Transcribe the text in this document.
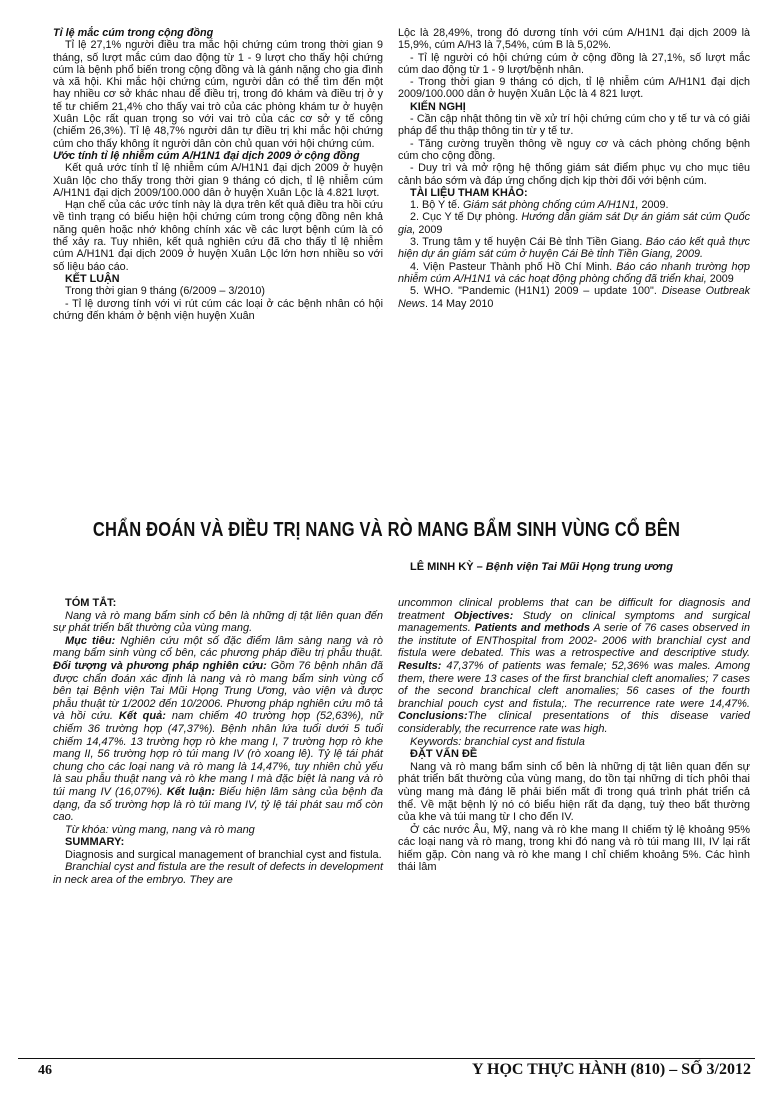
Tỉ lệ mắc cúm trong cộng đồng

Tỉ lệ 27,1% người điều tra mắc hội chứng cúm trong thời gian 9 tháng, số lượt mắc cúm dao động từ 1 - 9 lượt cho thấy hội chứng cúm là bệnh phổ biến trong cộng đồng và là gánh nặng cho gia đình và xã hội. Khi mắc hội chứng cúm, người dân có thể tìm đến một hay nhiều cơ sở khác nhau để điều trị, trong đó khám và điều trị ở y tế tư chiếm 21,4% cho thấy vai trò của các phòng khám tư ở huyện Xuân Lộc rất quan trọng so với vai trò của các cơ sở y tế công (chiếm 26,3%). Tỉ lệ 48,7% người dân tự điều trị khi mắc hội chứng cúm cho thấy không ít người dân còn chủ quan với hội chứng cúm.

Ước tính tỉ lệ nhiễm cúm A/H1N1 đại dịch 2009 ở cộng đồng

Kết quả ước tính tỉ lệ nhiễm cúm A/H1N1 đại dịch 2009 ở huyện Xuân lộc cho thấy trong thời gian 9 tháng có dịch, tỉ lệ nhiễm cúm A/H1N1 đại dịch 2009/100.000 dân ở huyện Xuân Lộc là 4.821 lượt.

Hạn chế của các ước tính này là dựa trên kết quả điều tra hồi cứu về tình trạng có biểu hiện hội chứng cúm trong cộng đồng nên khả năng quên hoặc nhớ không chính xác về các lượt bệnh cúm là có thể xảy ra. Tuy nhiên, kết quả nghiên cứu đã cho thấy tỉ lệ nhiễm cúm A/H1N1 đại dịch 2009 ở huyện Xuân Lộc lớn hơn nhiều so với số liệu báo cáo.

KẾT LUẬN

Trong thời gian 9 tháng (6/2009 – 3/2010)

- Tỉ lệ dương tính với vi rút cúm các loại ở các bệnh nhân có hội chứng đến khám ở bệnh viện huyện Xuân

Lộc là 28,49%, trong đó dương tính với cúm A/H1N1 đại dịch 2009 là 15,9%, cúm A/H3 là 7,54%, cúm B là 5,02%.

- Tỉ lệ người có hội chứng cúm ở cộng đồng là 27,1%, số lượt mắc cúm dao động từ 1 - 9 lượt/bệnh nhân.

- Trong thời gian 9 tháng có dịch, tỉ lệ nhiễm cúm A/H1N1 đại dịch 2009/100.000 dân ở huyện Xuân Lộc là 4 821 lượt.

KIẾN NGHỊ

- Cần cập nhật thông tin về xử trí hội chứng cúm cho y tế tư và có giải pháp để thu thập thông tin từ y tế tư.

- Tăng cường truyền thông về nguy cơ và cách phòng chống bệnh cúm cho cộng đồng.

- Duy trì và mở rộng hệ thống giám sát điểm phục vụ cho mục tiêu cảnh báo sớm và đáp ứng chống dịch kịp thời đối với bệnh cúm.

TÀI LIỆU THAM KHẢO:

1. Bộ Y tế. Giám sát phòng chống cúm A/H1N1, 2009.

2. Cục Y tế Dự phòng. Hướng dẫn giám sát Dự án giám sát cúm Quốc gia, 2009

3. Trung tâm y tế huyện Cái Bè tỉnh Tiền Giang. Báo cáo kết quả thực hiện dự án giám sát cúm ở huyện Cái Bè tỉnh Tiền Giang, 2009.

4. Viện Pasteur Thành phố Hồ Chí Minh. Báo cáo nhanh trường hợp nhiễm cúm A/H1N1 và các hoạt động phòng chống đã triển khai, 2009

5. WHO. "Pandemic (H1N1) 2009 – update 100". Disease Outbreak News. 14 May 2010

CHẨN ĐOÁN VÀ ĐIỀU TRỊ NANG VÀ RÒ MANG BẨM SINH VÙNG CỔ BÊN
LÊ MINH KỲ – Bệnh viện Tai Mũi Họng trung ương

TÓM TẮT:

Nang và rò mang bẩm sinh cổ bên là những dị tật liên quan đến sự phát triển bất thường của vùng mang.

Mục tiêu: Nghiên cứu một số đặc điểm lâm sàng nang và rò mang bẩm sinh vùng cổ bên, các phương pháp điều trị phẫu thuật. Đối tượng và phương pháp nghiên cứu: Gồm 76 bệnh nhân đã được chẩn đoán xác định là nang và rò mang bẩm sinh vùng cổ bên tại Bệnh viện Tai Mũi Họng Trung Ương, vào viện và được phẫu thuật từ 1/2002 đến 10/2006. Phương pháp nghiên cứu mô tả và hồi cứu. Kết quả: nam chiếm 40 trường hợp (52,63%), nữ chiếm 36 trường hợp (47,37%). Bệnh nhân lứa tuổi dưới 5 tuổi chiếm 14,47%. 13 trường hợp rò khe mang I, 7 trường hợp rò khe mang II, 56 trường hợp rò túi mang IV (rò xoang lê). Tỷ lệ tái phát chung cho các loại nang và rò mang là 14,47%, tuy nhiên chủ yếu là sau phẫu thuật nang và rò khe mang I mà đặc biệt là nang và rò túi mang IV (16,07%). Kết luận: Biểu hiện lâm sàng của bệnh đa dạng, đa số trường hợp là rò túi mang IV, tỷ lệ tái phát sau mổ còn cao.

Từ khóa: vùng mang, nang và rò mang

SUMMARY:

Diagnosis and surgical management of branchial cyst and fistula.

Branchial cyst and fistula are the result of defects in development in neck area of the embryo. They are

uncommon clinical problems that can be difficult for diagnosis and treatment Objectives: Study on clinical symptoms and surgical managements. Patients and methods A serie of 76 cases observed in the institute of ENThospital from 2002- 2006 with branchial cyst and fistula were debated. This was a retrospective and descriptive study. Results: 47,37% of patients was female; 52,36% was males. Among them, there were 13 cases of the first branchial cleft anomalies; 7 cases of the second branchical cleft anomalies; 56 cases of the fourth branchial pouch cyst and fistula;. The recurrence rate were 14,47%. Conclusions:The clinical presentations of this disease varied considerably, the recurrence rate was high.

Keywords: branchial cyst and fistula

ĐẶT VẤN ĐỀ

Nang và rò mang bẩm sinh cổ bên là những dị tật liên quan đến sự phát triển bất thường của vùng mang, do tồn tại những di tích phôi thai vùng mang mà đáng lẽ phải biến mất đi trong quá trình phát triển cả thể. Về mặt bệnh lý nó có biểu hiện rất đa dạng, tuỳ theo bất thường của khe và túi mang từ I cho đến IV.

Ở các nước Âu, Mỹ, nang và rò khe mang II chiếm tỷ lệ khoảng 95% các loại nang và rò mang, trong khi đó nang và rò túi mang III, IV lại rất hiếm gặp. Còn nang và rò khe mang I chỉ chiếm khoảng 5%. Các hình thái lâm

46	Y HỌC THỰC HÀNH (810) – SỐ 3/2012
